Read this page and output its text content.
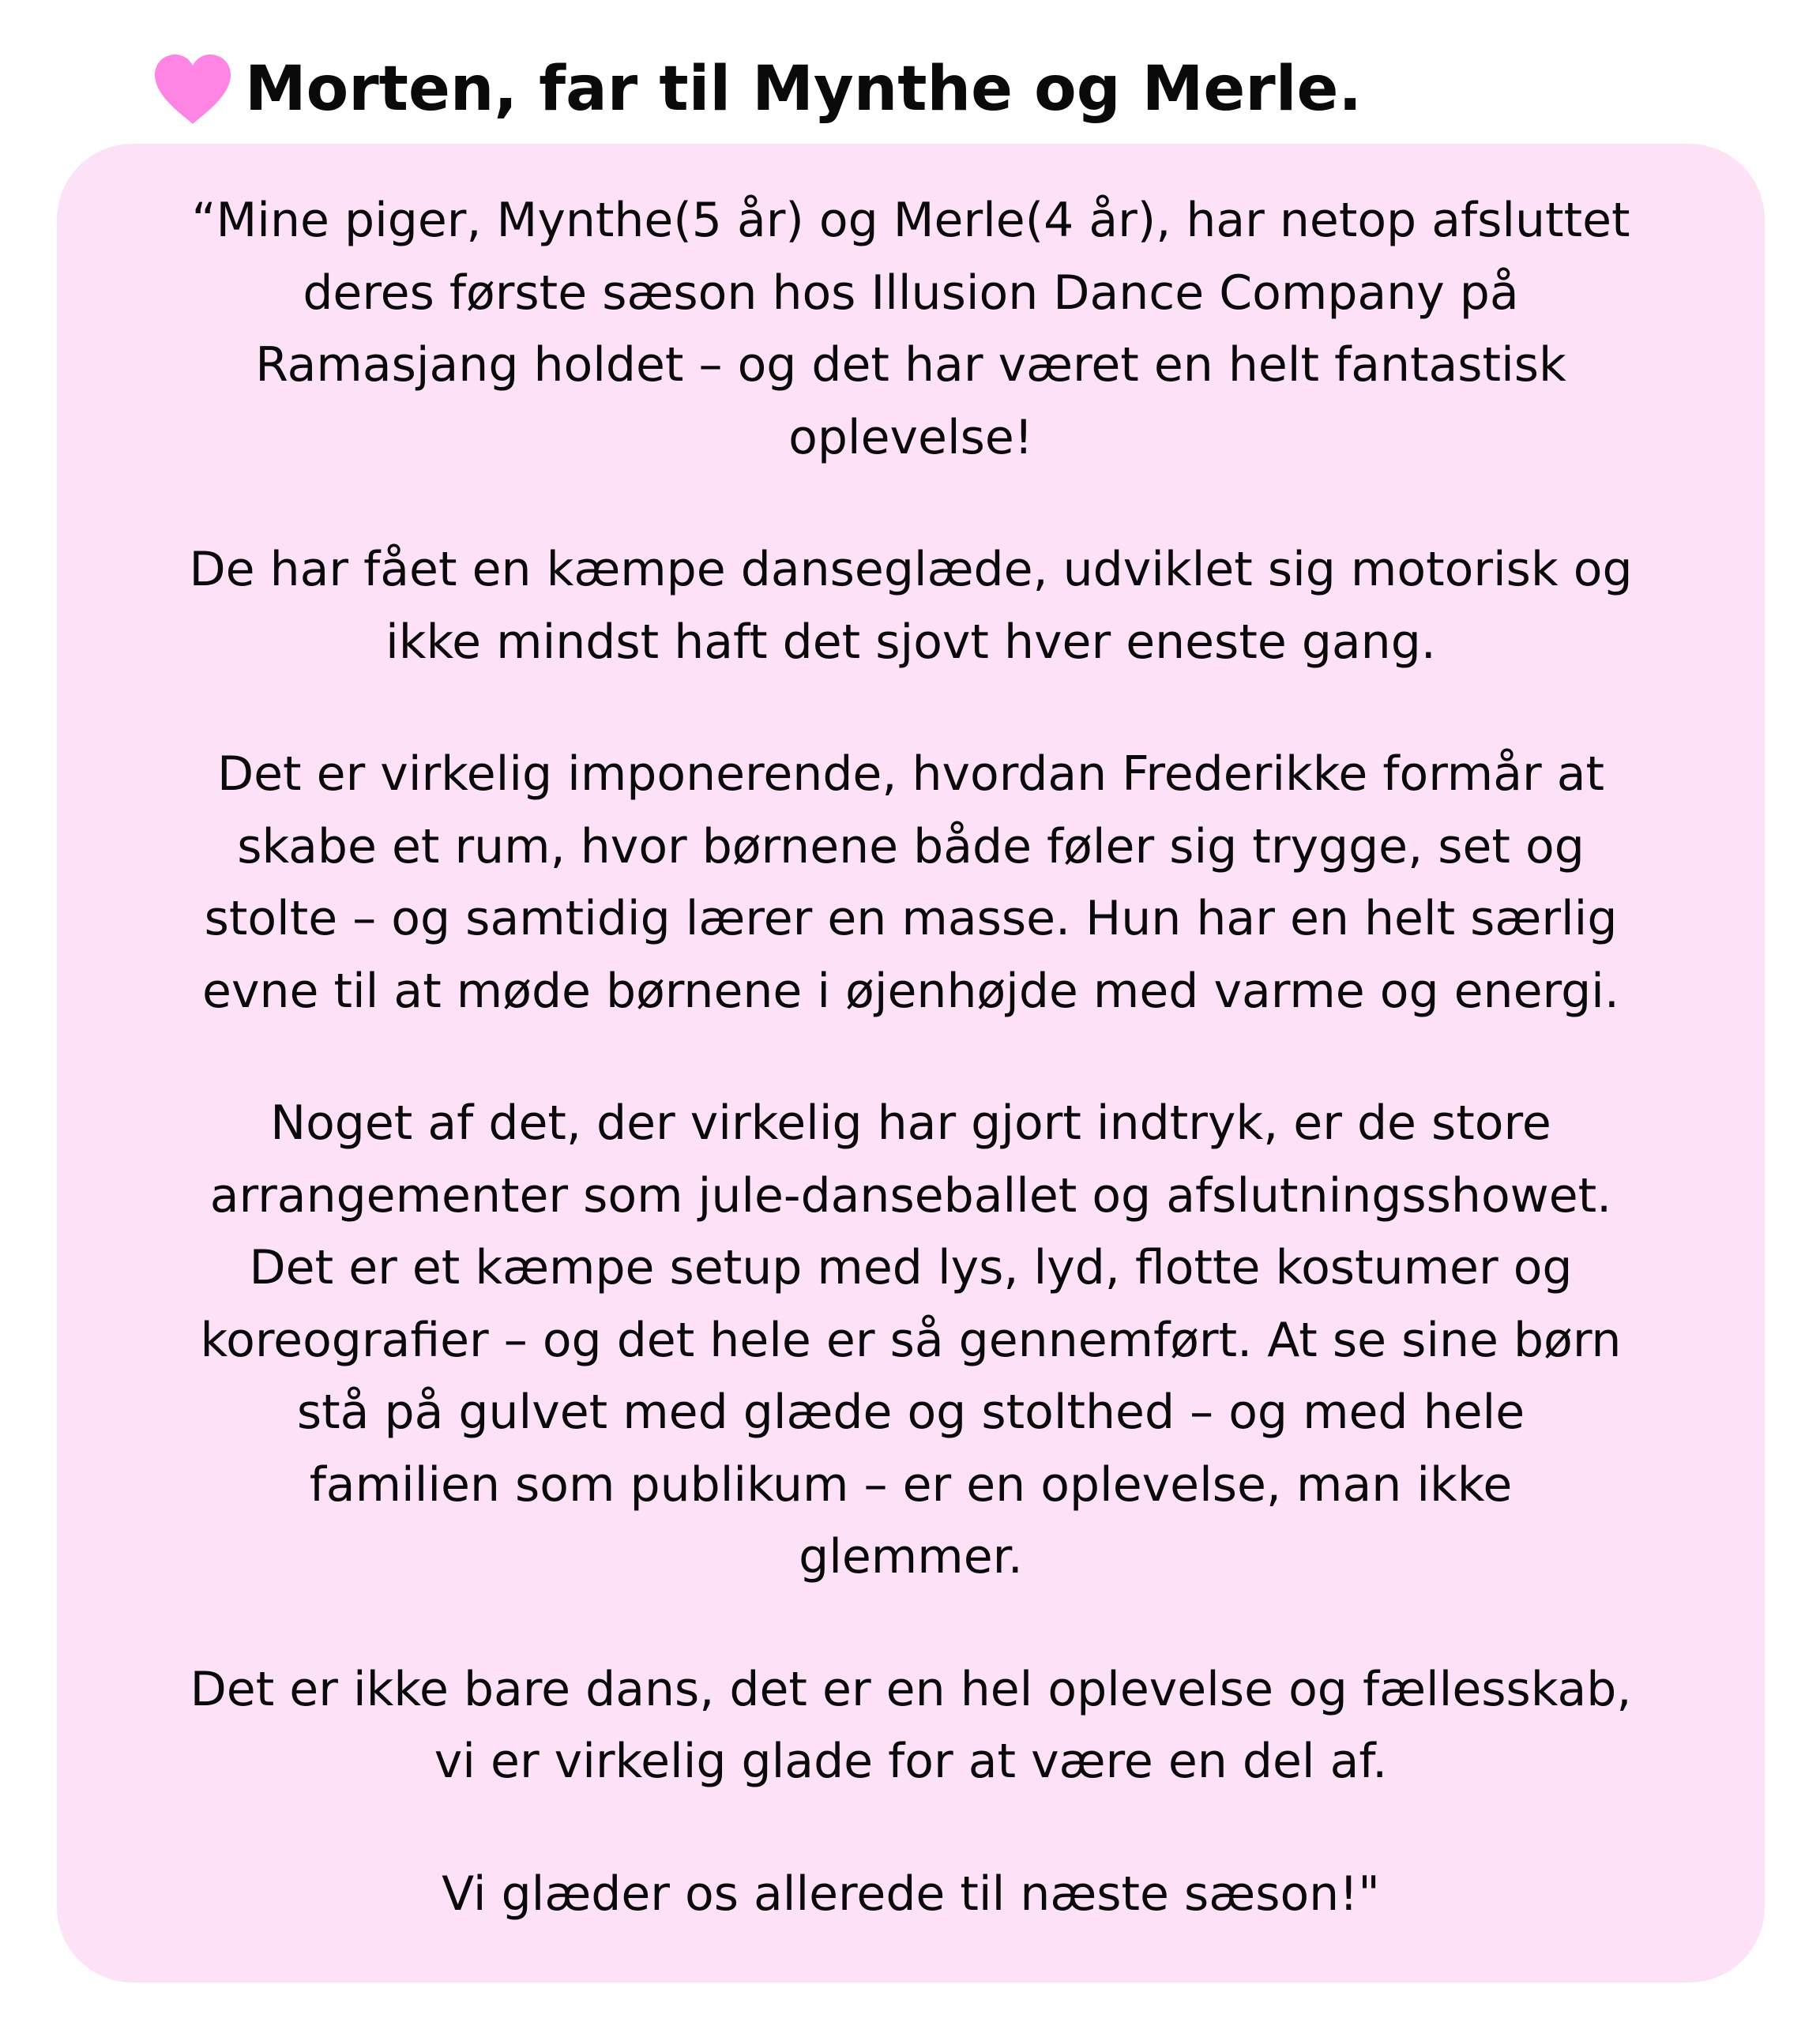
Morten, far til Mynthe og Merle.

“Mine piger, Mynthe(5 år) og Merle(4 år), har netop afsluttet
deres første sæson hos Illusion Dance Company på
Ramasjang holdet – og det har været en helt fantastisk
oplevelse!

De har fået en kæmpe danseglæde, udviklet sig motorisk og
ikke mindst haft det sjovt hver eneste gang.

Det er virkelig imponerende, hvordan Frederikke formår at
skabe et rum, hvor børnene både føler sig trygge, set og
stolte – og samtidig lærer en masse. Hun har en helt særlig
evne til at møde børnene i øjenhøjde med varme og energi.

Noget af det, der virkelig har gjort indtryk, er de store
arrangementer som jule-danseballet og afslutningsshowet.
Det er et kæmpe setup med lys, lyd, flotte kostumer og
koreografier – og det hele er så gennemført. At se sine børn
stå på gulvet med glæde og stolthed – og med hele
familien som publikum – er en oplevelse, man ikke
glemmer.

Det er ikke bare dans, det er en hel oplevelse og fællesskab,
vi er virkelig glade for at være en del af.

Vi glæder os allerede til næste sæson!"
